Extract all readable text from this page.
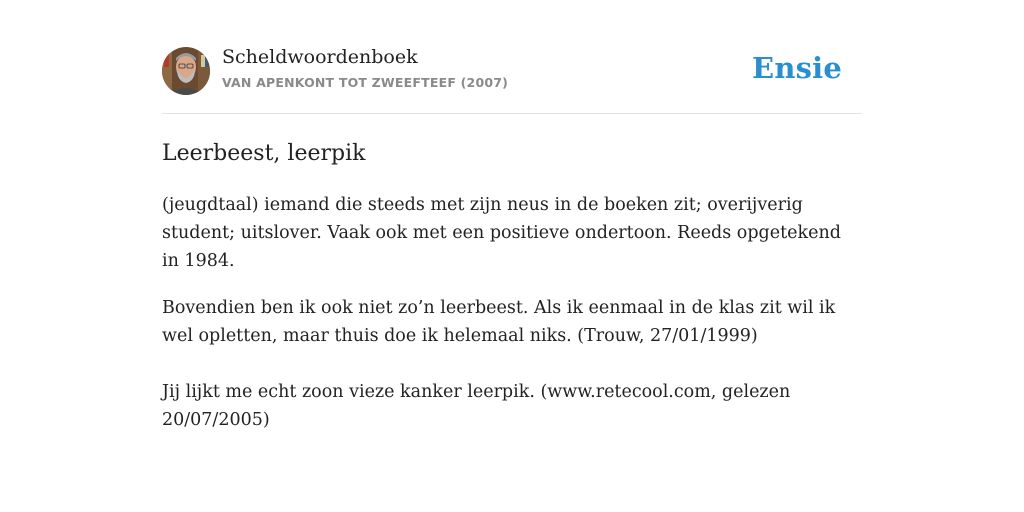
Scheldwoordenboek
VAN APENKONT TOT ZWEEFTEEF (2007)	Ensie
Leerbeest, leerpik

(jeugdtaal) iemand die steeds met zijn neus in de boeken zit; overijverig student; uitslover. Vaak ook met een positieve ondertoon. Reeds opgetekend in 1984.

Bovendien ben ik ook niet zo’n leerbeest. Als ik eenmaal in de klas zit wil ik wel opletten, maar thuis doe ik helemaal niks. (Trouw, 27/01/1999)

Jij lijkt me echt zoon vieze kanker leerpik. (www.retecool.com, gelezen 20/07/2005)
